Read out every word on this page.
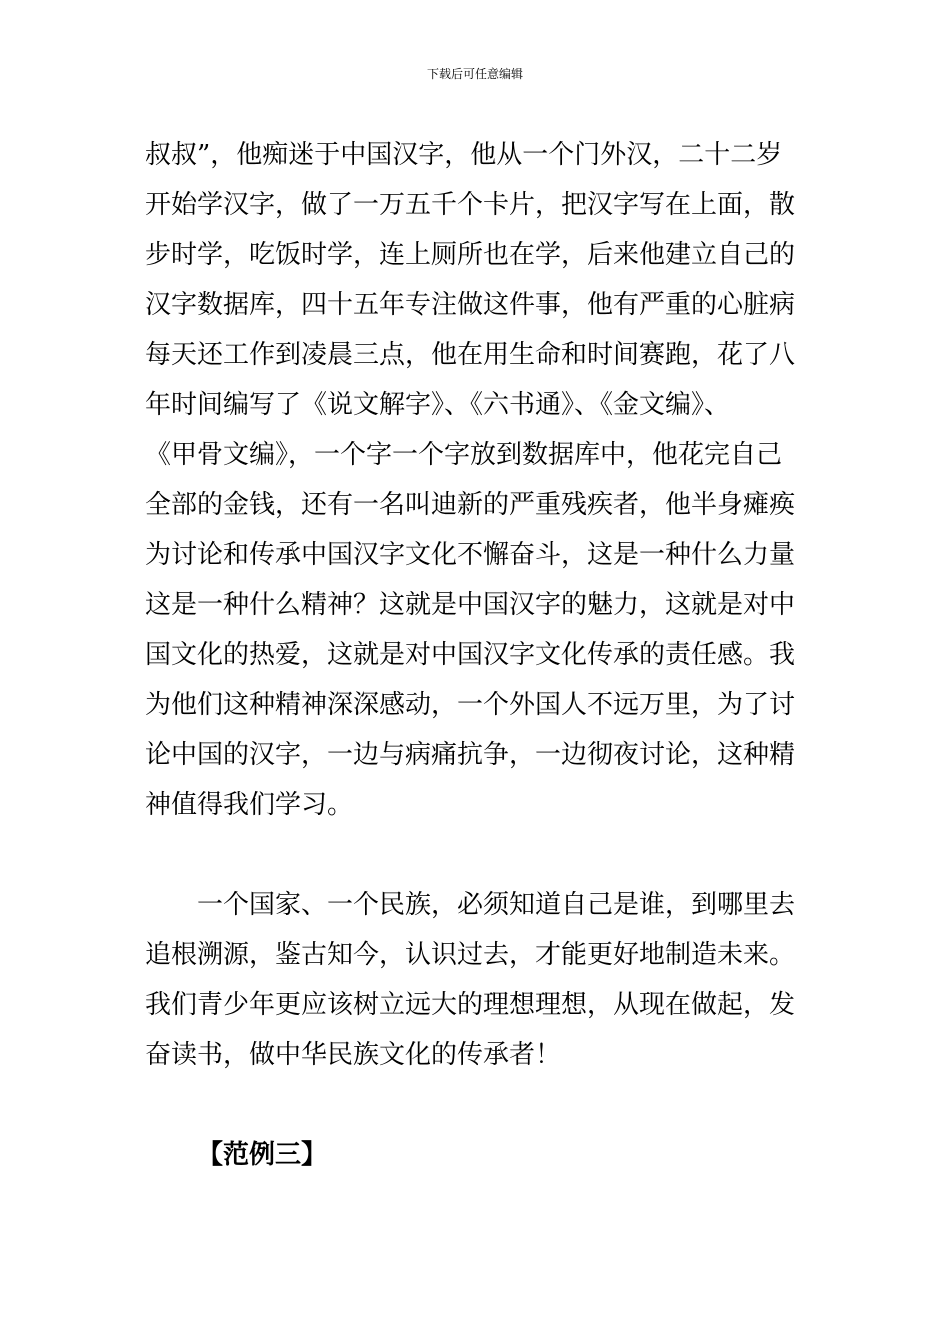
下载后可任意编辑
叔叔”，他痴迷于中国汉字，他从一个门外汉，二十二岁
开始学汉字，做了一万五千个卡片，把汉字写在上面，散
步时学，吃饭时学，连上厕所也在学，后来他建立自己的
汉字数据库，四十五年专注做这件事，他有严重的心脏病
每天还工作到凌晨三点，他在用生命和时间赛跑，花了八
年时间编写了《说文解字》、《六书通》、《金文编》、
《甲骨文编》，一个字一个字放到数据库中，他花完自己
全部的金钱，还有一名叫迪新的严重残疾者，他半身瘫痪
为讨论和传承中国汉字文化不懈奋斗，这是一种什么力量
这是一种什么精神？这就是中国汉字的魅力，这就是对中
国文化的热爱，这就是对中国汉字文化传承的责任感。我
为他们这种精神深深感动，一个外国人不远万里，为了讨
论中国的汉字，一边与病痛抗争，一边彻夜讨论，这种精
神值得我们学习。
一个国家、一个民族，必须知道自己是谁，到哪里去
追根溯源，鉴古知今，认识过去，才能更好地制造未来。
我们青少年更应该树立远大的理想理想，从现在做起，发
奋读书，做中华民族文化的传承者！
【范例三】
